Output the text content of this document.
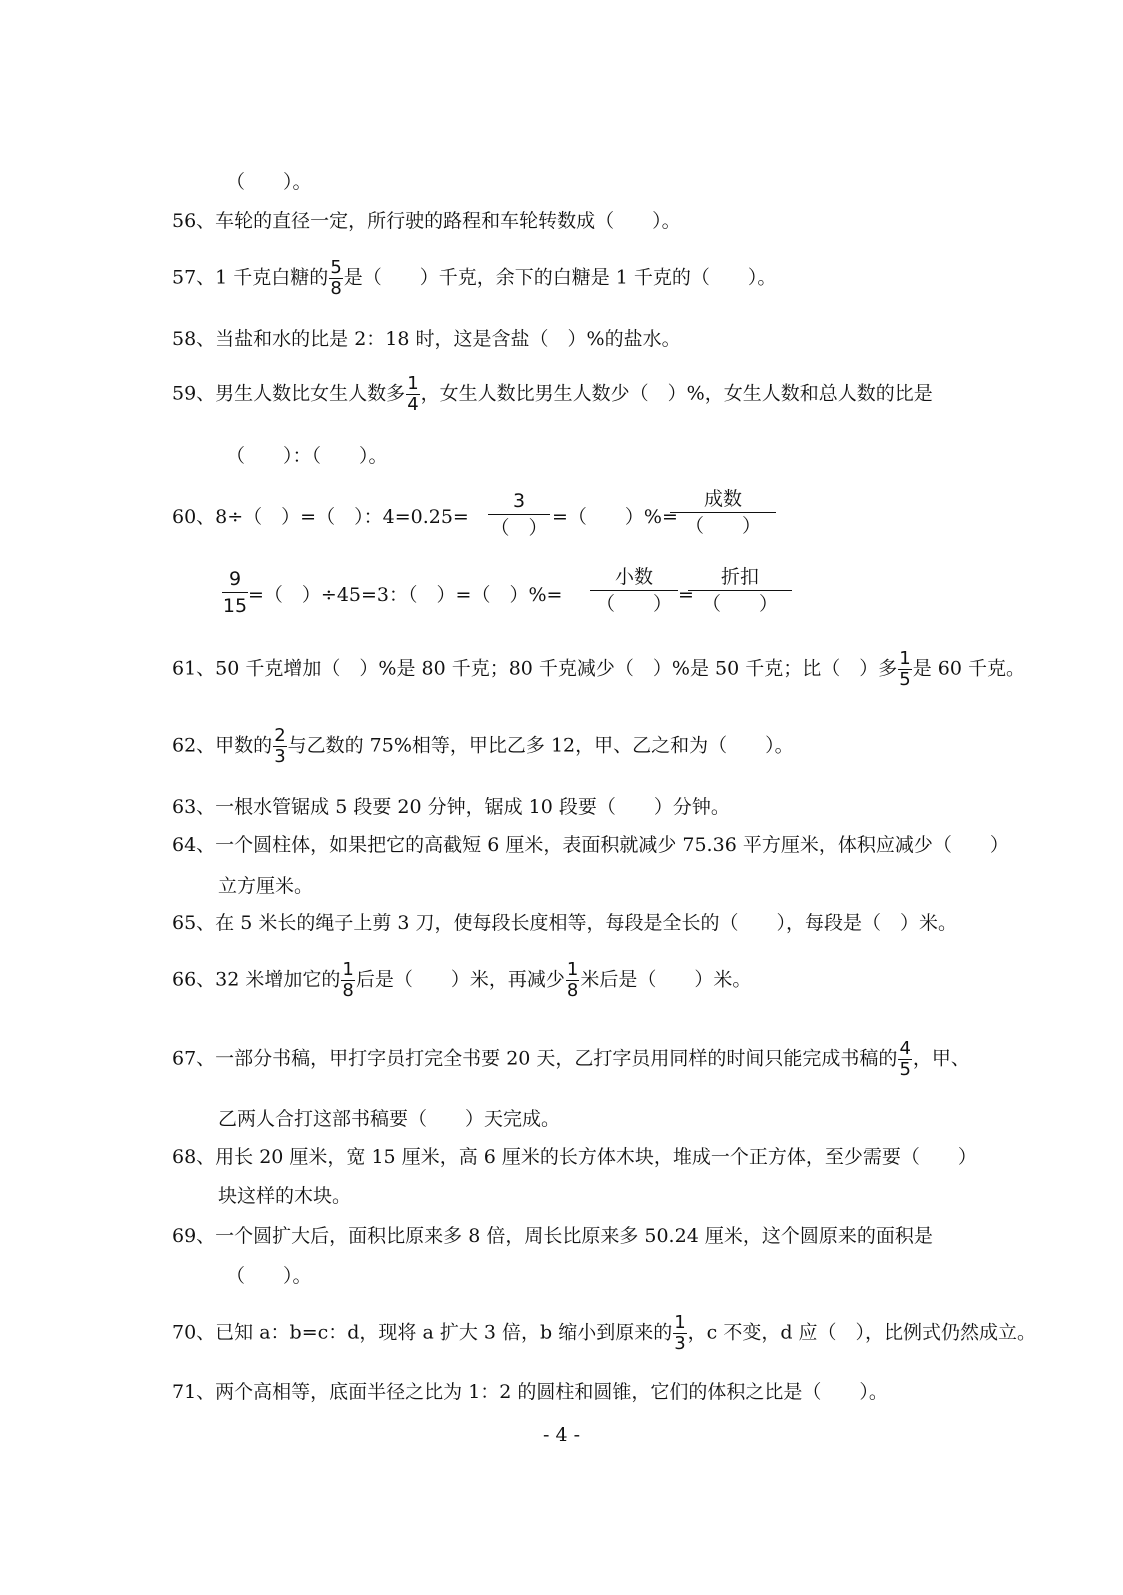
（　　）。
56、车轮的直径一定，所行驶的路程和车轮转数成（　　）。
57、1 千克白糖的 $\frac{5}{8}$ 是（　　）千克，余下的白糖是 1 千克的（　　）。
58、当盐和水的比是 2：18 时，这是含盐（　）%的盐水。
59、男生人数比女生人数多 $\frac{1}{4}$ ，女生人数比男生人数少（　）%，女生人数和总人数的比是
（　　）：（　　）。
60、8÷（　）=（　）：4=0.25=
3
（　） =（　　）%=
成数
（　　）
$\frac{9}{15}$ =（　）÷45=3：（　）=（　）%=
小数
（　　） =
折扣
（　　）
61、50 千克增加（　）%是 80 千克；80 千克减少（　）%是 50 千克；比（　）多 $\frac{1}{5}$ 是 60 千克。
62、甲数的 $\frac{2}{3}$ 与乙数的 75%相等，甲比乙多 12，甲、乙之和为（　　）。
63、一根水管锯成 5 段要 20 分钟，锯成 10 段要（　　）分钟。
64、一个圆柱体，如果把它的高截短 6 厘米，表面积就减少 75.36 平方厘米，体积应减少（　　）
立方厘米。
65、在 5 米长的绳子上剪 3 刀，使每段长度相等，每段是全长的（　　），每段是（　）米。
66、32 米增加它的 $\frac{1}{8}$ 后是（　　）米，再减少 $\frac{1}{8}$ 米后是（　　）米。
67、一部分书稿，甲打字员打完全书要 20 天，乙打字员用同样的时间只能完成书稿的 $\frac{4}{5}$ ，甲、
乙两人合打这部书稿要（　　）天完成。
68、用长 20 厘米，宽 15 厘米，高 6 厘米的长方体木块，堆成一个正方体，至少需要（　　）
块这样的木块。
69、一个圆扩大后，面积比原来多 8 倍，周长比原来多 50.24 厘米，这个圆原来的面积是
（　　）。
70、已知 a：b=c：d，现将 a 扩大 3 倍，b 缩小到原来的 $\frac{1}{3}$ ，c 不变，d 应（　），比例式仍然成立。
71、两个高相等，底面半径之比为 1：2 的圆柱和圆锥，它们的体积之比是（　　）。
- 4 -
